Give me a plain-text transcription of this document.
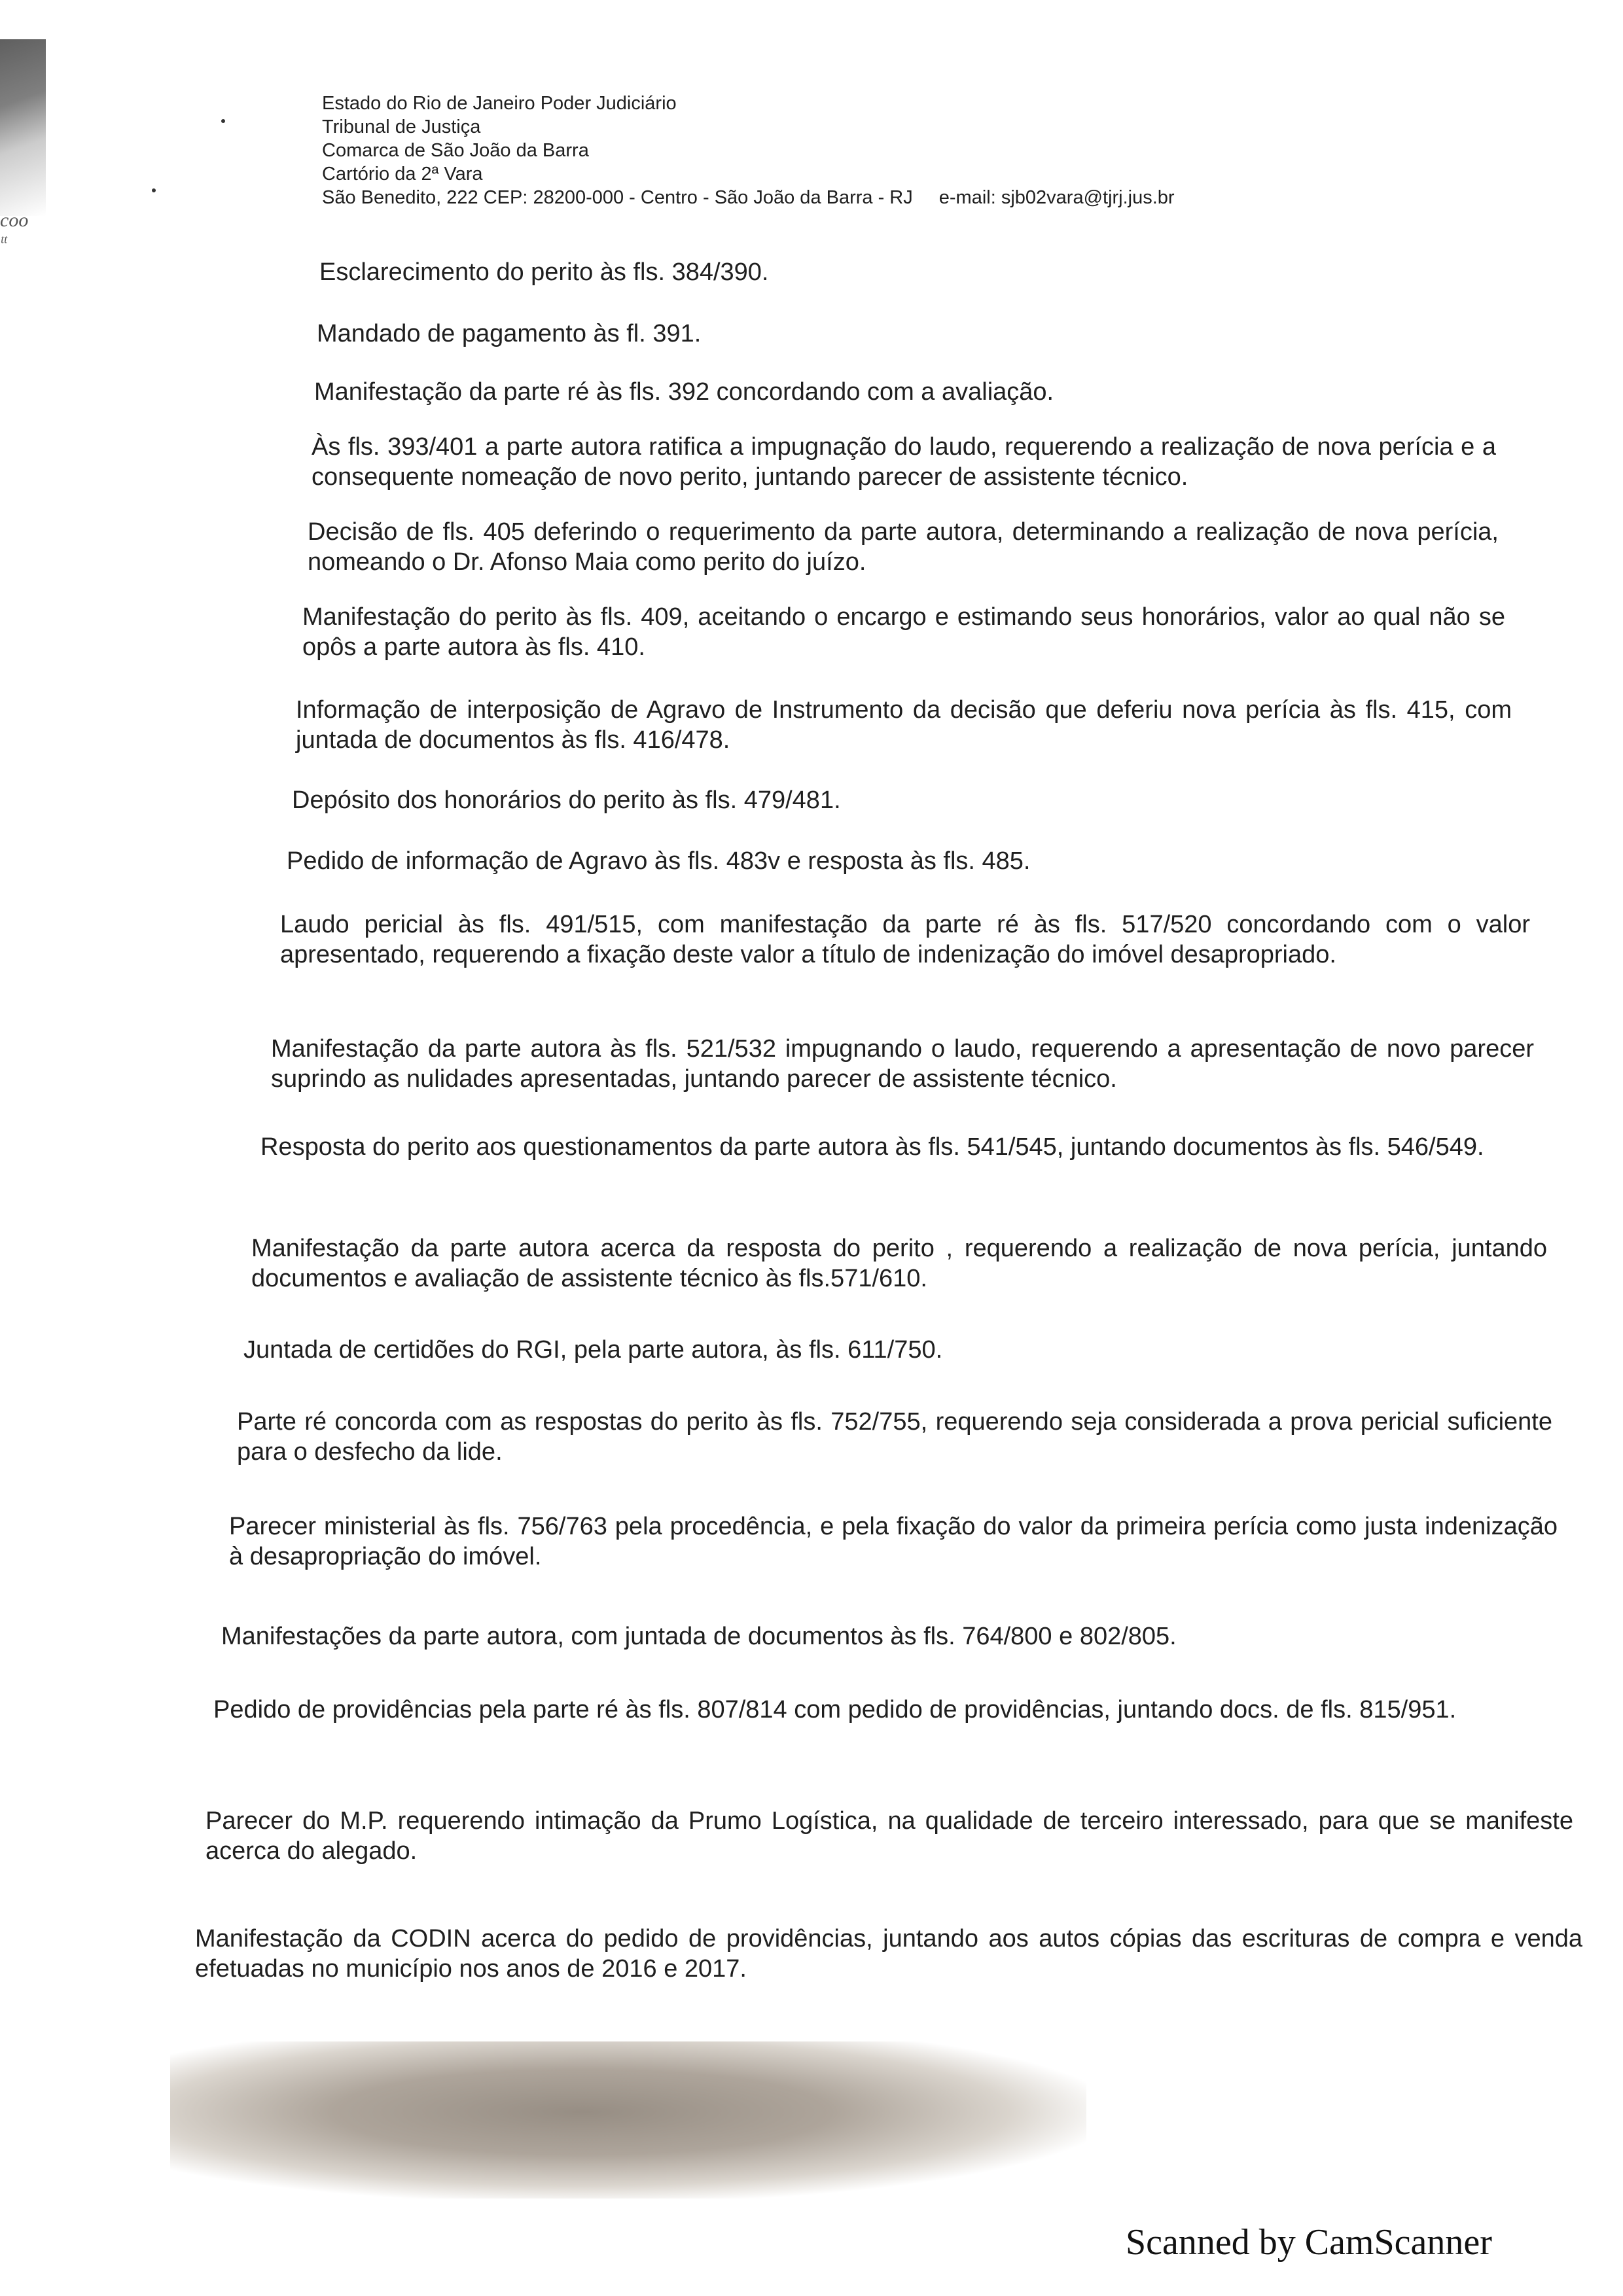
coo
ᵗᵗ
Estado do Rio de Janeiro Poder Judiciário
Tribunal de Justiça
Comarca de São João da Barra
Cartório da 2ª Vara
São Benedito, 222 CEP: 28200-000 - Centro - São João da Barra - RJ e-mail: sjb02vara@tjrj.jus.br
Esclarecimento do perito às fls. 384/390.
Mandado de pagamento às fl. 391.
Manifestação da parte ré às fls. 392 concordando com a avaliação.
Às fls. 393/401 a parte autora ratifica a impugnação do laudo, requerendo a realização de nova perícia e a consequente nomeação de novo perito, juntando parecer de assistente técnico.
Decisão de fls. 405 deferindo o requerimento da parte autora, determinando a realização de nova perícia, nomeando o Dr. Afonso Maia como perito do juízo.
Manifestação do perito às fls. 409, aceitando o encargo e estimando seus honorários, valor ao qual não se opôs a parte autora às fls. 410.
Informação de interposição de Agravo de Instrumento da decisão que deferiu nova perícia às fls. 415, com juntada de documentos às fls. 416/478.
Depósito dos honorários do perito às fls. 479/481.
Pedido de informação de Agravo às fls. 483v e resposta às fls. 485.
Laudo pericial às fls. 491/515, com manifestação da parte ré às fls. 517/520 concordando com o valor apresentado, requerendo a fixação deste valor a título de indenização do imóvel desapropriado.
Manifestação da parte autora às fls. 521/532 impugnando o laudo, requerendo a apresentação de novo parecer suprindo as nulidades apresentadas, juntando parecer de assistente técnico.
Resposta do perito aos questionamentos da parte autora às fls. 541/545, juntando documentos às fls. 546/549.
Manifestação da parte autora acerca da resposta do perito , requerendo a realização de nova perícia, juntando documentos e avaliação de assistente técnico às fls.571/610.
Juntada de certidões do RGI, pela parte autora, às fls. 611/750.
Parte ré concorda com as respostas do perito às fls. 752/755, requerendo seja considerada a prova pericial suficiente para o desfecho da lide.
Parecer ministerial às fls. 756/763 pela procedência, e pela fixação do valor da primeira perícia como justa indenização à desapropriação do imóvel.
Manifestações da parte autora, com juntada de documentos às fls. 764/800 e 802/805.
Pedido de providências pela parte ré às fls. 807/814 com pedido de providências, juntando docs. de fls. 815/951.
Parecer do M.P. requerendo intimação da Prumo Logística, na qualidade de terceiro interessado, para que se manifeste acerca do alegado.
Manifestação da CODIN acerca do pedido de providências, juntando aos autos cópias das escrituras de compra e venda efetuadas no município nos anos de 2016 e 2017.
Scanned by CamScanner
